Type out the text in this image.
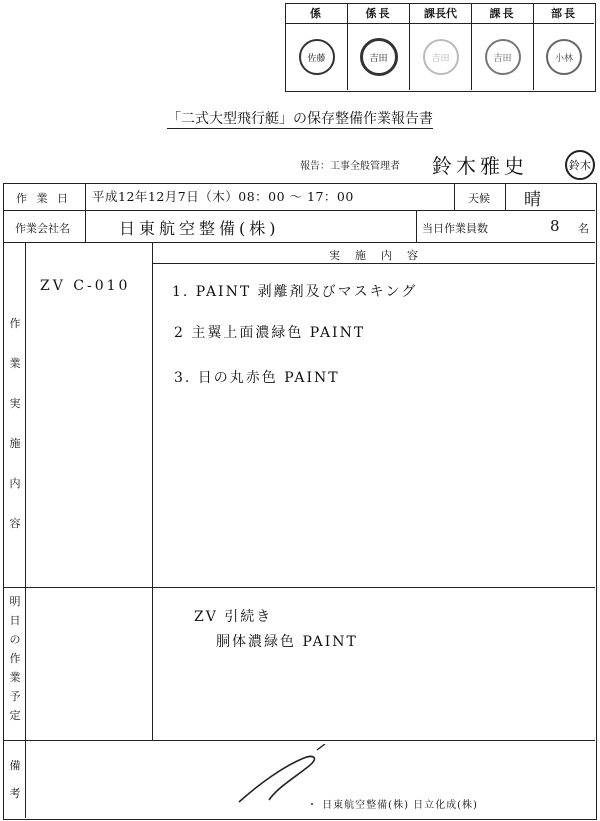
係	係長	課長代	課長	部長
佐藤	吉田	吉田	吉田	小林
「二式大型飛行艇」の保存整備作業報告書
報告：工事全般管理者 鈴木雅史	鈴木
作 業 日 平成12年12月7日（木）08：00 〜 17：00	天候 晴
作業会社名	日東航空整備(株)	当日作業員数	8 名
実　施　内　容
作業実施内容
ZV C-010	1. PAINT 剥離剤及びマスキング
2 主翼上面濃緑色 PAINT
3. 日の丸赤色 PAINT
明日の作業予定
ZV 引続き
胴体濃緑色 PAINT
備考
・ 日東航空整備(株) 日立化成(株)
